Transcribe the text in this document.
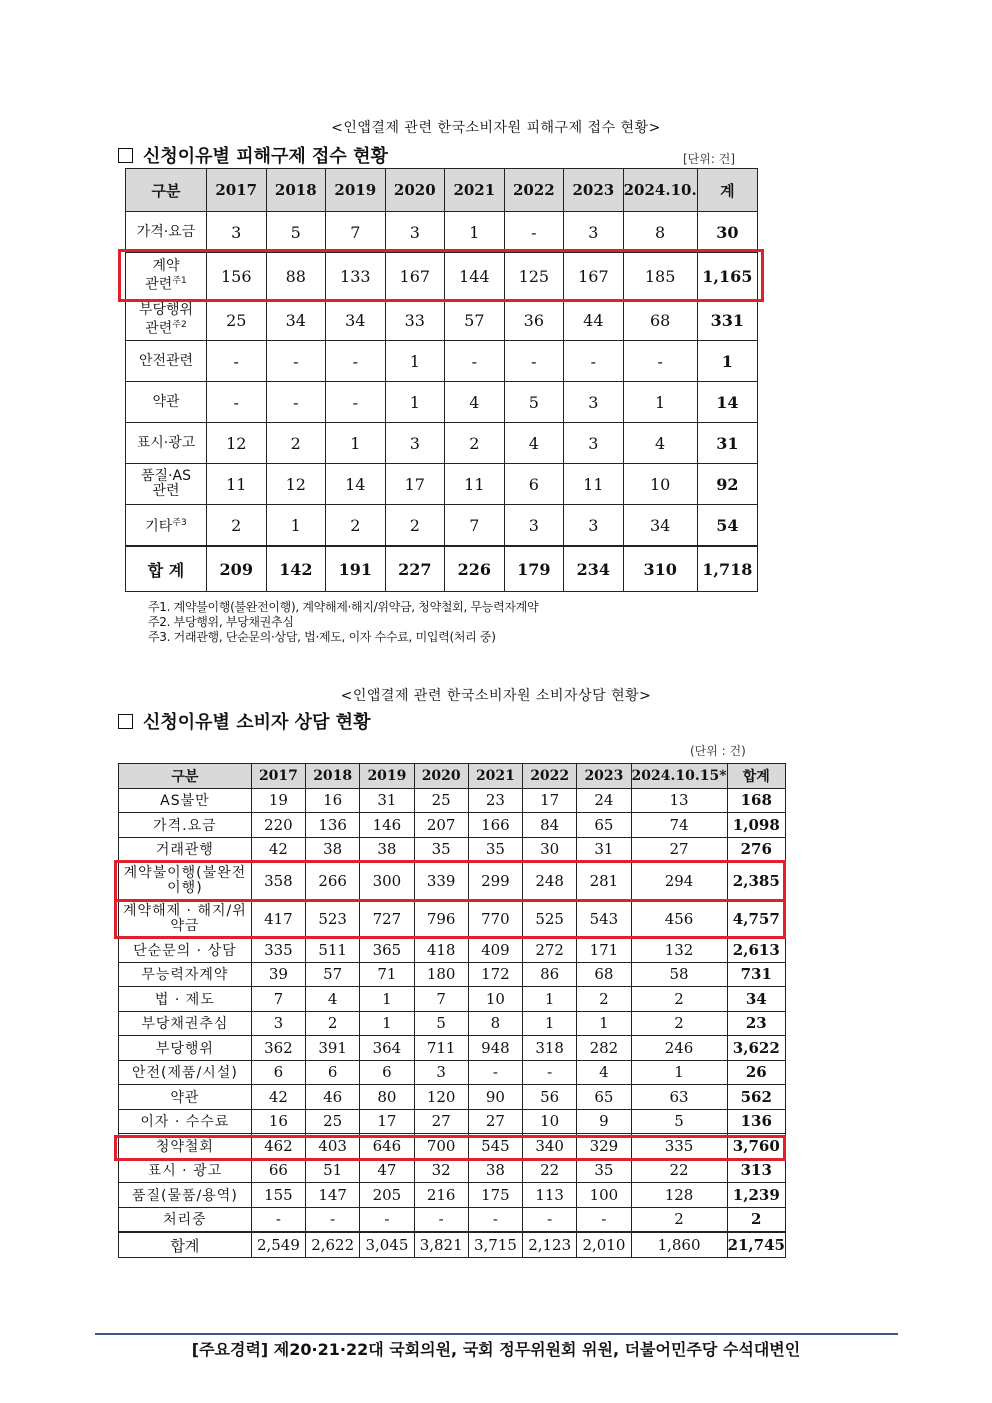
<인앱결제 관련 한국소비자원 피해구제 접수 현황>
신청이유별 피해구제 접수 현황	[단위: 건]
구분	2017	2018	2019	2020	2021	2022	2023	2024.10.	계
가격·요금	3	5	7	3	1	-	3	8	30
계약
관련$^{주1}$	156	88	133	167	144	125	167	185	1,165
부당행위
관련$^{주2}$	25	34	34	33	57	36	44	68	331
안전관련	-	-	-	1	-	-	-	-	1
약관	-	-	-	1	4	5	3	1	14
표시·광고	12	2	1	3	2	4	3	4	31
품질·AS
관련	11	12	14	17	11	6	11	10	92
기타$^{주3}$	2	1	2	2	7	3	3	34	54
합 계	209	142	191	227	226	179	234	310	1,718
주1. 계약불이행(불완전이행), 계약해제·해지/위약금, 청약철회, 무능력자계약
주2. 부당행위, 부당채권추심
주3. 거래관행, 단순문의·상담, 법·제도, 이자 수수료, 미입력(처리 중)
<인앱결제 관련 한국소비자원 소비자상담 현황>
신청이유별 소비자 상담 현황
(단위 : 건)
구분	2017	2018	2019	2020	2021	2022	2023	2024.10.15*	합계
AS불만	19	16	31	25	23	17	24	13	168
가격.요금	220	136	146	207	166	84	65	74	1,098
거래관행	42	38	38	35	35	30	31	27	276
계약불이행(불완전
이행)	358	266	300	339	299	248	281	294	2,385
계약해제 · 해지/위
약금	417	523	727	796	770	525	543	456	4,757
단순문의 · 상담	335	511	365	418	409	272	171	132	2,613
무능력자계약	39	57	71	180	172	86	68	58	731
법 · 제도	7	4	1	7	10	1	2	2	34
부당채권추심	3	2	1	5	8	1	1	2	23
부당행위	362	391	364	711	948	318	282	246	3,622
안전(제품/시설)	6	6	6	3	-	-	4	1	26
약관	42	46	80	120	90	56	65	63	562
이자 · 수수료	16	25	17	27	27	10	9	5	136
청약철회	462	403	646	700	545	340	329	335	3,760
표시 · 광고	66	51	47	32	38	22	35	22	313
품질(물품/용역)	155	147	205	216	175	113	100	128	1,239
처리중	-	-	-	-	-	-	-	2	2
합계	2,549	2,622	3,045	3,821	3,715	2,123	2,010	1,860	21,745
[주요경력] 제20·21·22대 국회의원, 국회 정무위원회 위원, 더불어민주당 수석대변인
